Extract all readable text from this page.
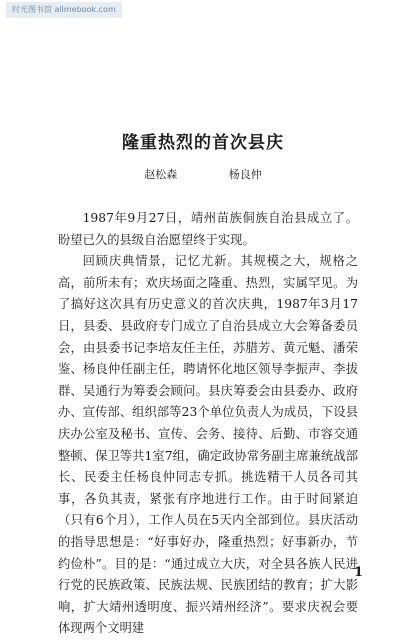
时光图书馆 allmebook.com
隆重热烈的首次县庆
赵松森	杨良仲

1987年9月27日，靖州苗族侗族自治县成立了。盼望已久的县级自治愿望终于实现。

回顾庆典情景，记忆尤新。其规模之大，规格之高，前所未有；欢庆场面之隆重、热烈，实属罕见。为了搞好这次具有历史意义的首次庆典，1987年3月17日，县委、县政府专门成立了自治县成立大会筹备委员会，由县委书记李培友任主任，苏腊芳、黄元魁、潘荣鉴、杨良仲任副主任，聘请怀化地区领导李振声、李拔群、吴通行为筹委会顾问。县庆筹委会由县委办、政府办、宣传部、组织部等23个单位负责人为成员，下设县庆办公室及秘书、宣传、会务、接待、后勤、市容交通整顿、保卫等共1室7组，确定政协常务副主席兼统战部长、民委主任杨良仲同志专抓。挑选精干人员各司其事，各负其责，紧张有序地进行工作。由于时间紧迫（只有6个月），工作人员在5天内全部到位。县庆活动的指导思想是：“好事好办，隆重热烈；好事新办，节约俭朴”。目的是：“通过成立大庆，对全县各族人民进行党的民族政策、民族法规、民族团结的教育；扩大影响，扩大靖州透明度、振兴靖州经济”。要求庆祝会要体现两个文明建

1
